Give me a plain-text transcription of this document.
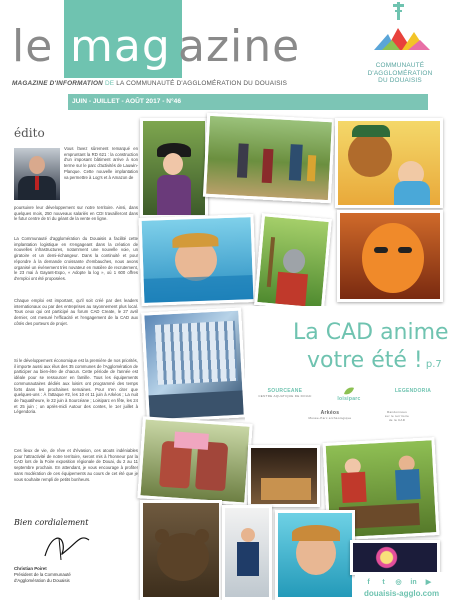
le mag azine
MAGAZINE D'INFORMATION DE LA COMMUNAUTÉ D'AGGLOMÉRATION DU DOUAISIS
JUIN - JUILLET - AOÛT 2017 - N°46
COMMUNAUTÉ
D'AGGLOMÉRATION
DU DOUAISIS
édito

Vous l'avez sûrement remarqué en empruntant la RD 621 : la construction d'un imposant bâtiment arrive à son terme sur le parc d'activités de Lauwin-Planque. Cette nouvelle implantation va permettre à Log's et à Amazon de

poursuivre leur développement sur notre territoire. Ainsi, dans quelques mois, 250 nouveaux salariés en CDI travailleront dans le futur centre de tri du géant de la vente en ligne.

La Communauté d'agglomération du Douaisis a facilité cette implantation logistique en s'engageant dans la création de nouvelles infrastructures, notamment une nouvelle voie, un giratoire et un demi-échangeur. Dans la continuité et pour répondre à la demande croissante d'embauches, nous avons organisé un événement très novateur en matière de recrutement, le 23 mai à Gayant-Expo, « Adopte la log », où 1 600 offres d'emploi ont été proposées.

Chaque emploi est important, qu'il soit créé par des leaders internationaux ou par des entreprises au rayonnement plus local. Tous ceux qui ont participé au forum CAD Create, le 27 avril dernier, ont mesuré l'efficacité et l'engagement de la CAD aux côtés des porteurs de projet.

Si le développement économique est la première de nos priorités, il importe aussi aux élus des 35 communes de l'Agglomération de participer au bien-être de chacun. Cette période de l'année est idéale pour se ressourcer en famille. Tous les équipements communautaires dédiés aux loisirs ont programmé des temps forts dans les prochaines semaines. Pour n'en citer que quelques-uns : À l'attaque #2, les 10 et 11 juin à Arkéos ; La nuit de l'aquatiheure, le 22 juin à Sourcéane ; Loisiparc en fête, les 24 et 25 juin ; un après-midi Autour des contes, le 1er juillet à Légendoria.

Ces lieux de vie, de rêve et d'évasion, ces atouts indéniables pour l'attractivité de notre territoire, seront mis à l'honneur par la CAD lors de la Foire exposition régionale de Douai, du 2 au 11 septembre prochain. En attendant, je vous encourage à profiter sans modération de ces équipements au cours de cet été que je vous souhaite rempli de petits bonheurs.

Bien cordialement
Christian Poiret
Président de la Communauté
d'Agglomération du Douaisis
La CAD anime
votre été ! p.7
SOURCEANE
CENTRE AQUATIQUE DE DOUAI	loisiparc
LEGENDORIA
Arkéos
Musée-Parc archéologique
Randonnées
sur le territoire
de la CAD
f	t	◎ in ▶
douaisis-agglo.com
